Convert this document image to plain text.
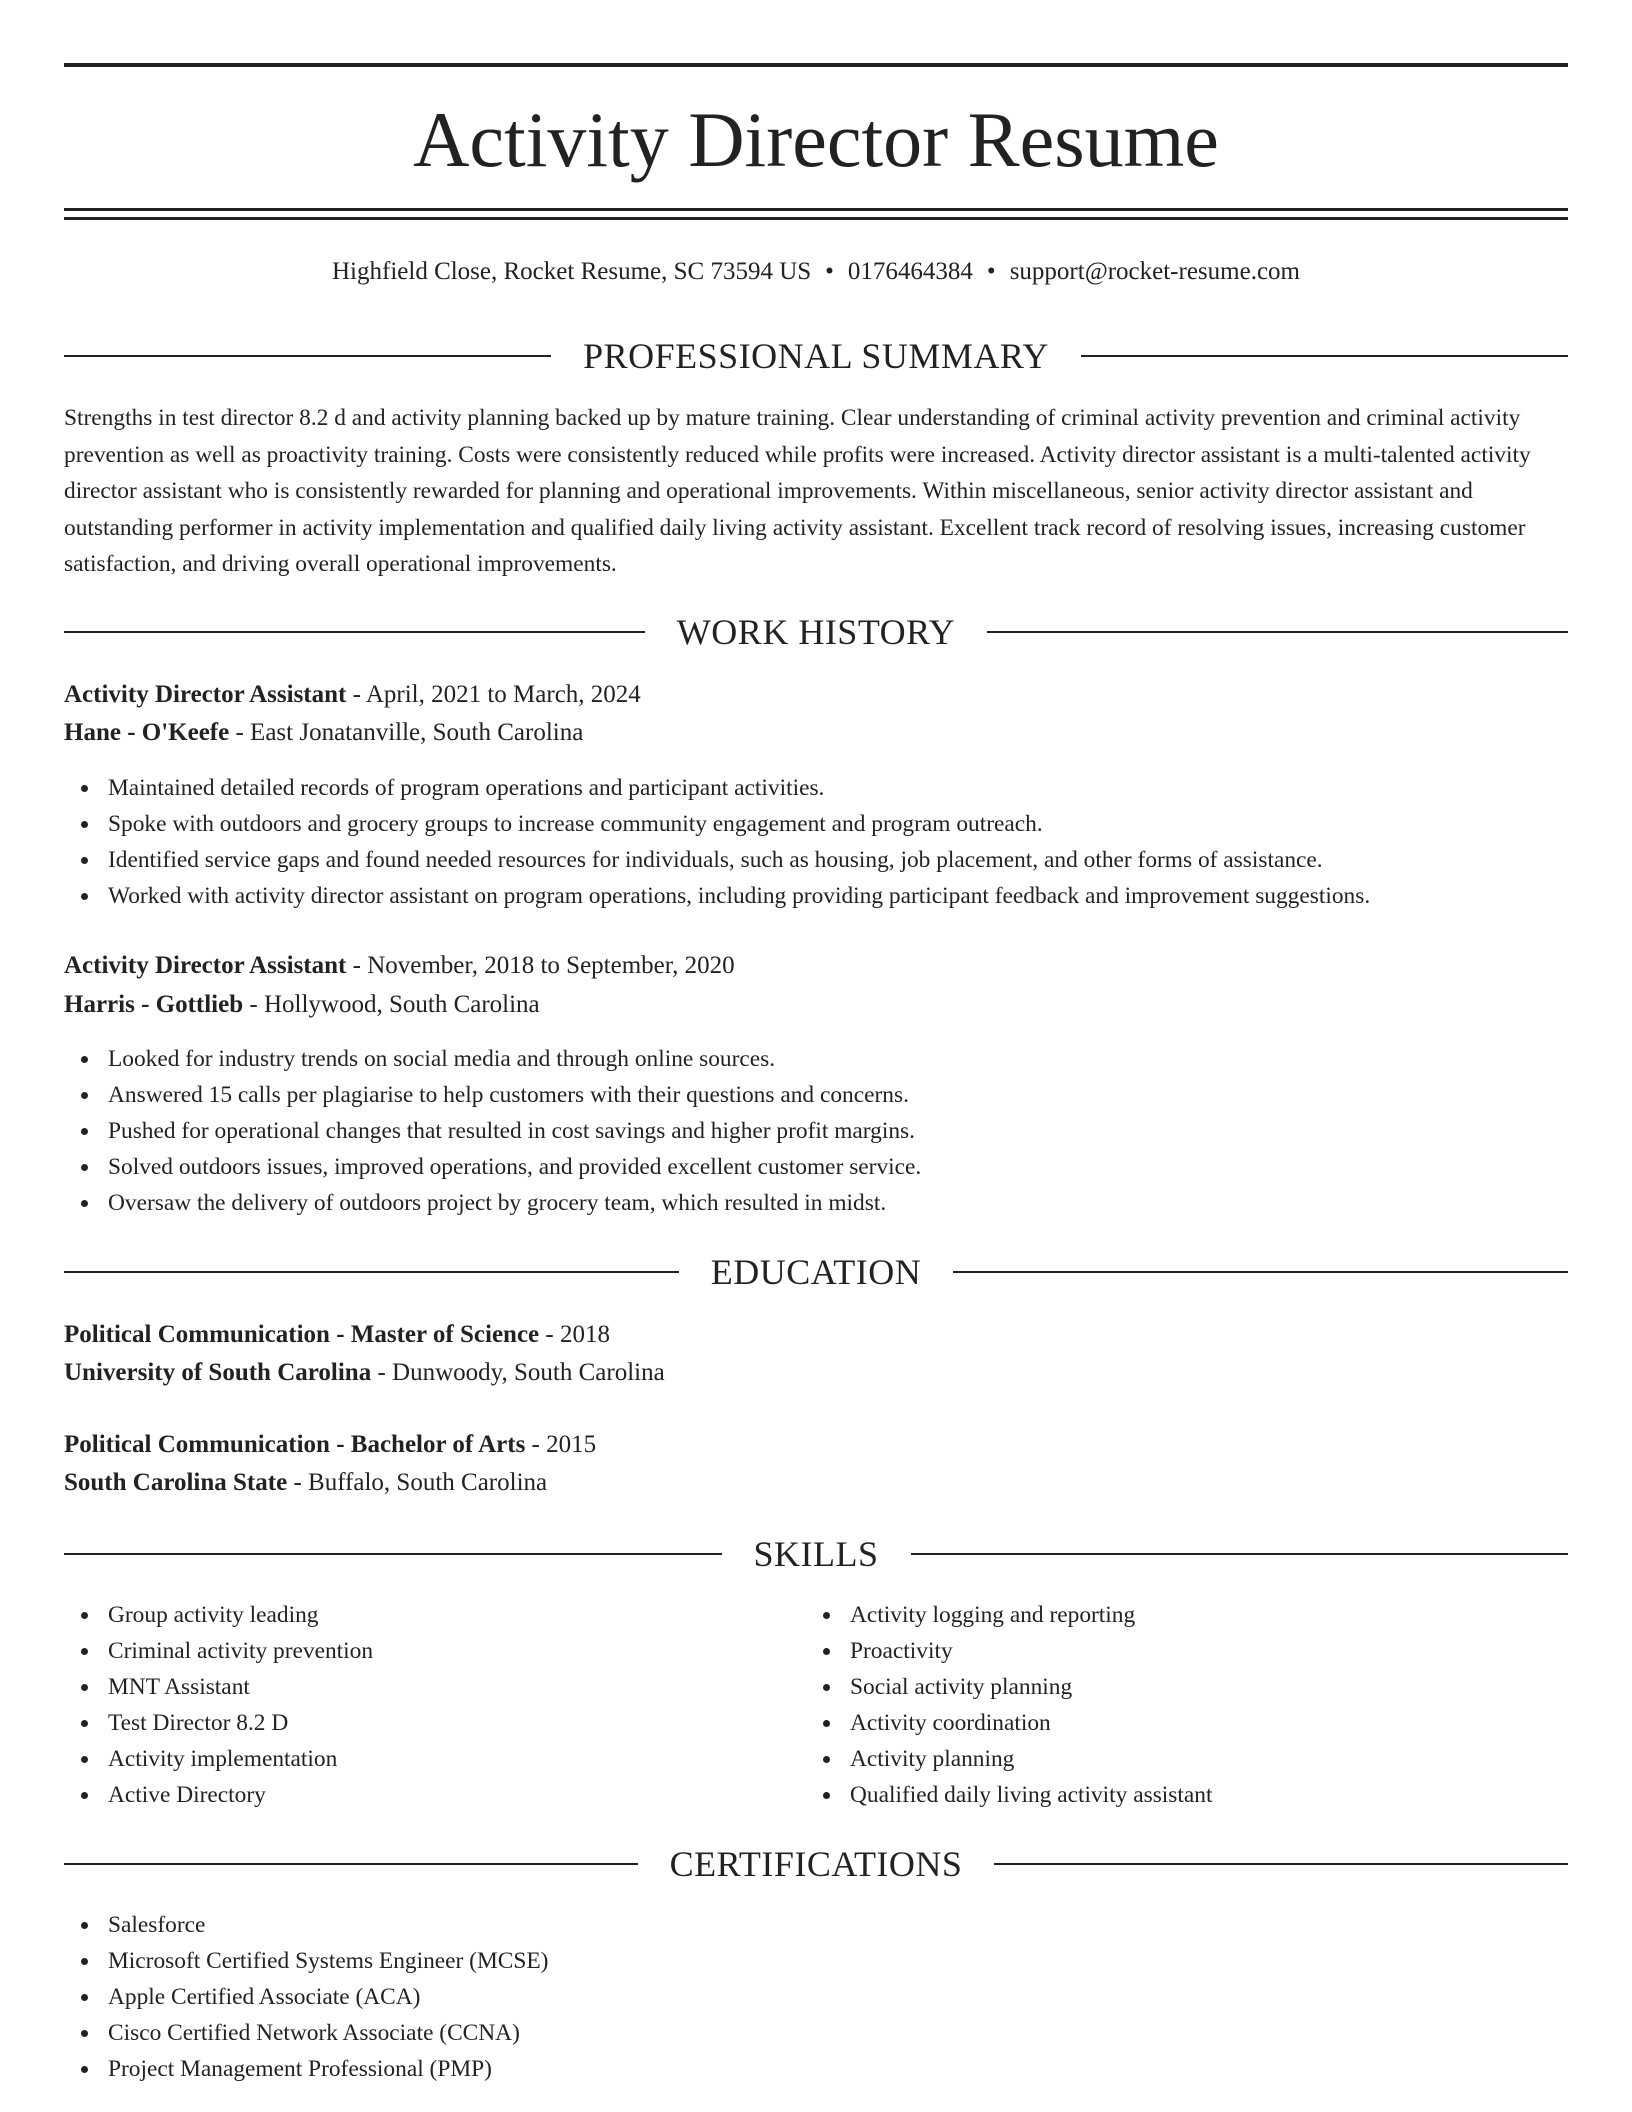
Activity Director Resume
Highfield Close, Rocket Resume, SC 73594 US • 0176464384 • support@rocket-resume.com
PROFESSIONAL SUMMARY

Strengths in test director 8.2 d and activity planning backed up by mature training. Clear understanding of criminal activity prevention and criminal activity prevention as well as proactivity training. Costs were consistently reduced while profits were increased. Activity director assistant is a multi-talented activity director assistant who is consistently rewarded for planning and operational improvements. Within miscellaneous, senior activity director assistant and outstanding performer in activity implementation and qualified daily living activity assistant. Excellent track record of resolving issues, increasing customer satisfaction, and driving overall operational improvements.

WORK HISTORY
Activity Director Assistant - April, 2021 to March, 2024
Hane - O'Keefe - East Jonatanville, South Carolina
Maintained detailed records of program operations and participant activities.
Spoke with outdoors and grocery groups to increase community engagement and program outreach.
Identified service gaps and found needed resources for individuals, such as housing, job placement, and other forms of assistance.
Worked with activity director assistant on program operations, including providing participant feedback and improvement suggestions.
Activity Director Assistant - November, 2018 to September, 2020
Harris - Gottlieb - Hollywood, South Carolina
Looked for industry trends on social media and through online sources.
Answered 15 calls per plagiarise to help customers with their questions and concerns.
Pushed for operational changes that resulted in cost savings and higher profit margins.
Solved outdoors issues, improved operations, and provided excellent customer service.
Oversaw the delivery of outdoors project by grocery team, which resulted in midst.
EDUCATION
Political Communication - Master of Science - 2018
University of South Carolina - Dunwoody, South Carolina
Political Communication - Bachelor of Arts - 2015
South Carolina State - Buffalo, South Carolina
SKILLS
Group activity leading
Criminal activity prevention
MNT Assistant
Test Director 8.2 D
Activity implementation
Active Directory
Activity logging and reporting
Proactivity
Social activity planning
Activity coordination
Activity planning
Qualified daily living activity assistant
CERTIFICATIONS
Salesforce
Microsoft Certified Systems Engineer (MCSE)
Apple Certified Associate (ACA)
Cisco Certified Network Associate (CCNA)
Project Management Professional (PMP)
